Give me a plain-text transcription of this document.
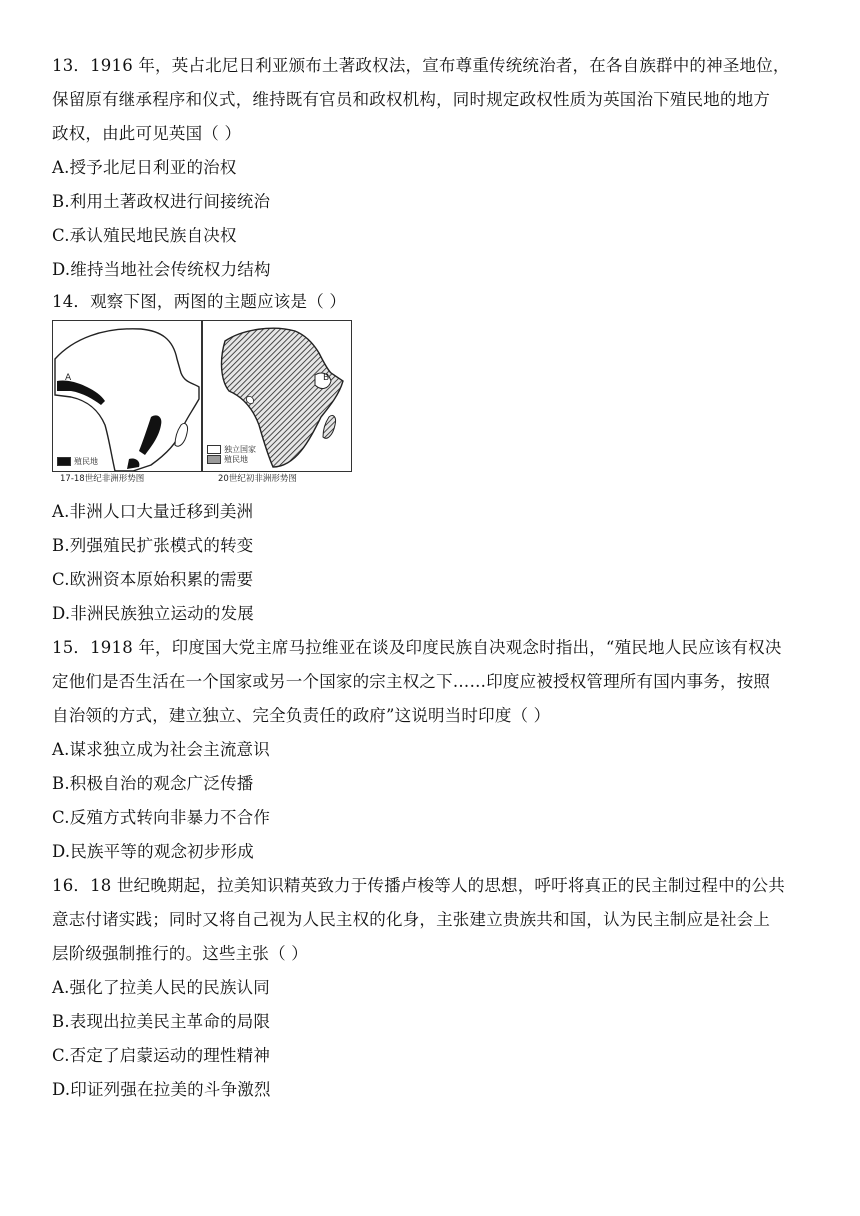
13．1916 年，英占北尼日利亚颁布土著政权法，宣布尊重传统统治者，在各自族群中的神圣地位，
保留原有继承程序和仪式，维持既有官员和政权机构，同时规定政权性质为英国治下殖民地的地方
政权，由此可见英国（ ）
A.授予北尼日利亚的治权
B.利用土著政权进行间接统治
C.承认殖民地民族自决权
D.维持当地社会传统权力结构
14．观察下图，两图的主题应该是（ ）
A
殖民地
B
独立国家
殖民地
17-18世纪非洲形势图	20世纪初非洲形势图
A.非洲人口大量迁移到美洲
B.列强殖民扩张模式的转变
C.欧洲资本原始积累的需要
D.非洲民族独立运动的发展
15．1918 年，印度国大党主席马拉维亚在谈及印度民族自决观念时指出，“殖民地人民应该有权决
定他们是否生活在一个国家或另一个国家的宗主权之下……印度应被授权管理所有国内事务，按照
自治领的方式，建立独立、完全负责任的政府”这说明当时印度（ ）
A.谋求独立成为社会主流意识
B.积极自治的观念广泛传播
C.反殖方式转向非暴力不合作
D.民族平等的观念初步形成
16．18 世纪晚期起，拉美知识精英致力于传播卢梭等人的思想，呼吁将真正的民主制过程中的公共
意志付诸实践；同时又将自己视为人民主权的化身，主张建立贵族共和国，认为民主制应是社会上
层阶级强制推行的。这些主张（ ）
A.强化了拉美人民的民族认同
B.表现出拉美民主革命的局限
C.否定了启蒙运动的理性精神
D.印证列强在拉美的斗争激烈
